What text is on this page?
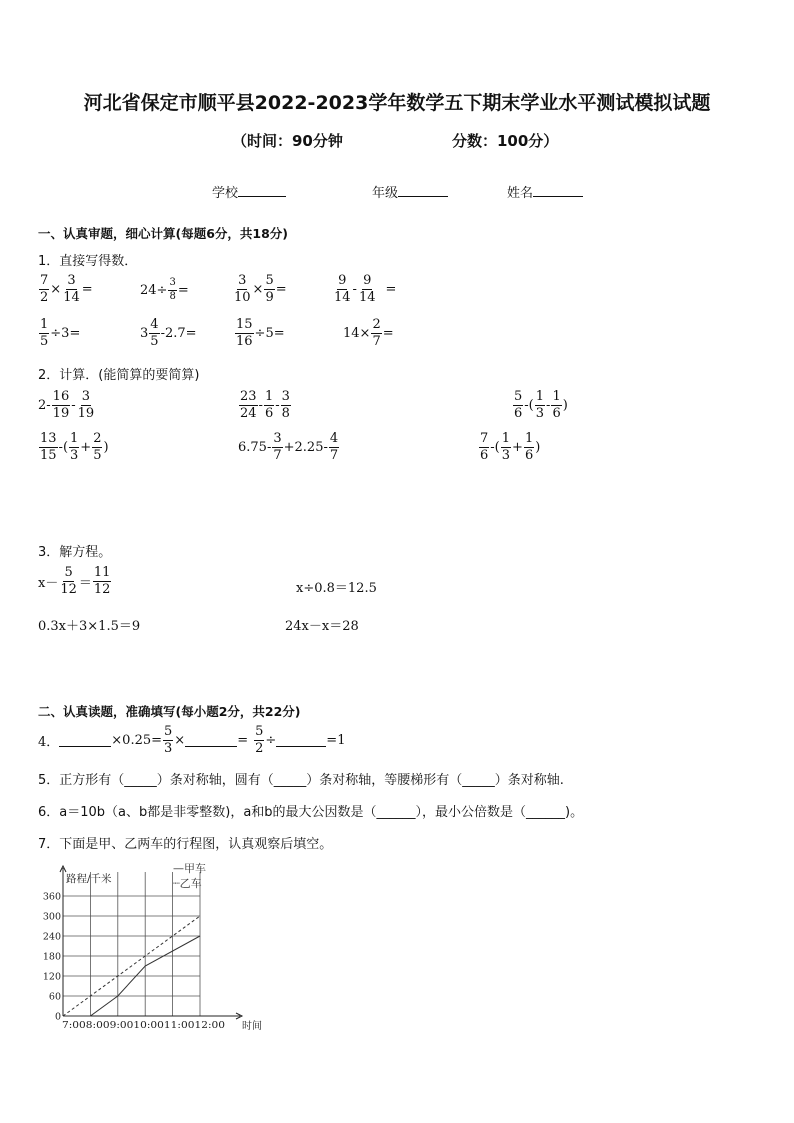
河北省保定市顺平县2022-2023学年数学五下期末学业水平测试模拟试题
（时间：90分钟	分数：100分）
学校	年级	姓名
一、认真审题，细心计算(每题6分，共18分)
1．直接写得数．
$\frac{7}{2} \times \frac{3}{14}$ =	$24\div \frac{3}{8}$ =	$\frac{3}{10} \times \frac{5}{9}$ =	$\frac{9}{14} - \frac{9}{14}$ =
$\frac{1}{5} \div 3=$	$3 \frac{4}{5} -2.7=$	$\frac{15}{16} \div 5=$	$14\times \frac{2}{7}$ =
2．计算．(能简算的要简算)
$2- \frac{16}{19} - \frac{3}{19}$	$\frac{23}{24} - \frac{1}{6} - \frac{3}{8}$	$\frac{5}{6}$ -( $\frac{1}{3} - \frac{1}{6}$ )
$\frac{13}{15}$ -( $\frac{1}{3} + \frac{2}{5}$ )	$6.75- \frac{3}{7} +2.25- \frac{4}{7}$	$\frac{7}{6}$ -( $\frac{1}{3} + \frac{1}{6}$ )
3．解方程。
$x- \frac{5}{12} = \frac{11}{12}$	x÷0.8＝12.5
0.3x＋3×1.5＝9	24x－x＝28
二、认真读题，准确填写(每小题2分，共22分)
4．	$\times 0.25= \frac{5}{3}$ ×	= $\frac{5}{2}$ ÷	=1
5．正方形有（_____）条对称轴，圆有（_____）条对称轴，等腰梯形有（_____）条对称轴.
6．a＝10b（a、b都是非零整数)，a和b的最大公因数是（______），最小公倍数是（______)。
7．下面是甲、乙两车的行程图，认真观察后填空。
0
60
120
180
240
300
360
路程/千米
时间
7:008:009:0010:0011:0012:00
—甲车
┈乙车
